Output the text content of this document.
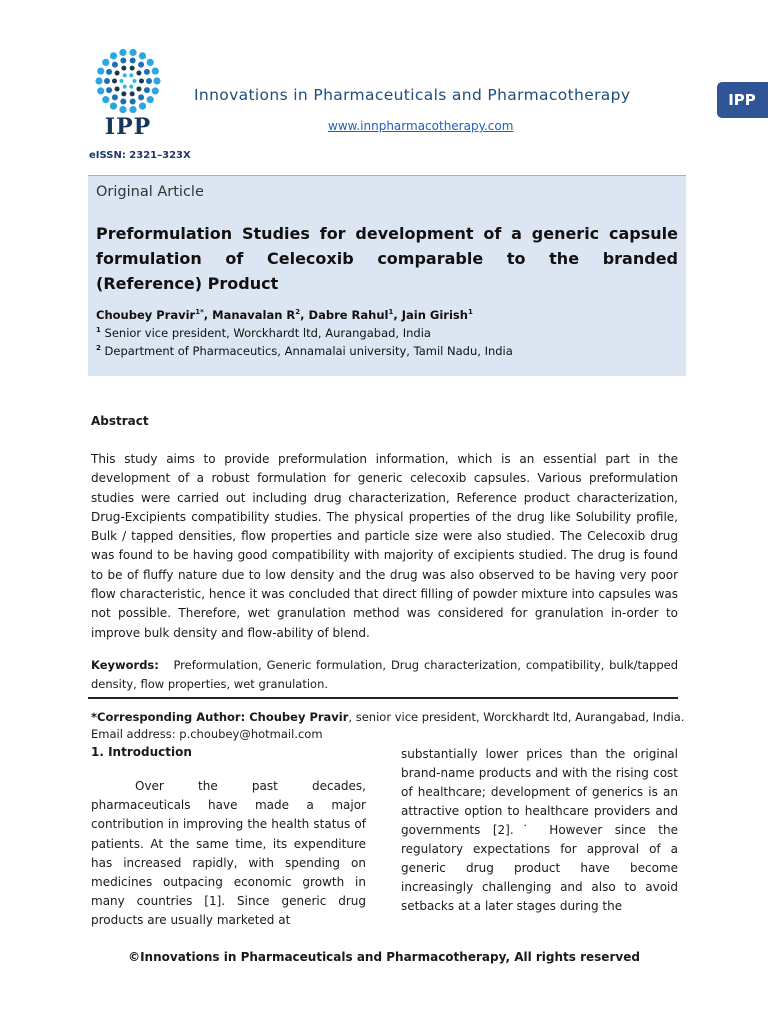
IPP
eISSN: 2321–323X
Innovations in Pharmaceuticals and Pharmacotherapy
www.innpharmacotherapy.com
IPP
Original Article
Preformulation Studies for development of a generic capsule formulation of Celecoxib comparable to the branded (Reference) Product
Choubey Pravir$^{1*}$, Manavalan $R^2$, Dabre Rahul$^1$, Jain Girish$^1$
$^1$ Senior vice president, Worckhardt ltd, Aurangabad, India
$^2$ Department of Pharmaceutics, Annamalai university, Tamil Nadu, India
Abstract
This study aims to provide preformulation information, which is an essential part in the development of a robust formulation for generic celecoxib capsules. Various preformulation studies were carried out including drug characterization, Reference product characterization, Drug-Excipients compatibility studies. The physical properties of the drug like Solubility profile, Bulk / tapped densities, flow properties and particle size were also studied. The Celecoxib drug was found to be having good compatibility with majority of excipients studied. The drug is found to be of fluffy nature due to low density and the drug was also observed to be having very poor flow characteristic, hence it was concluded that direct filling of powder mixture into capsules was not possible. Therefore, wet granulation method was considered for granulation in-order to improve bulk density and flow-ability of blend.
Keywords: Preformulation, Generic formulation, Drug characterization, compatibility, bulk/tapped density, flow properties, wet granulation.
*Corresponding Author: Choubey Pravir, senior vice president, Worckhardt ltd, Aurangabad, India.
Email address: p.choubey@hotmail.com
1. Introduction

Over the past decades, pharmaceuticals have made a major contribution in improving the health status of patients. At the same time, its expenditure has increased rapidly, with spending on medicines outpacing economic growth in many countries [1]. Since generic drug products are usually marketed at

substantially lower prices than the original brand-name products and with the rising cost of healthcare; development of generics is an attractive option to healthcare providers and governments [2].˙ However since the regulatory expectations for approval of a generic drug product have become increasingly challenging and also to avoid setbacks at a later stages during the
©Innovations in Pharmaceuticals and Pharmacotherapy, All rights reserved
